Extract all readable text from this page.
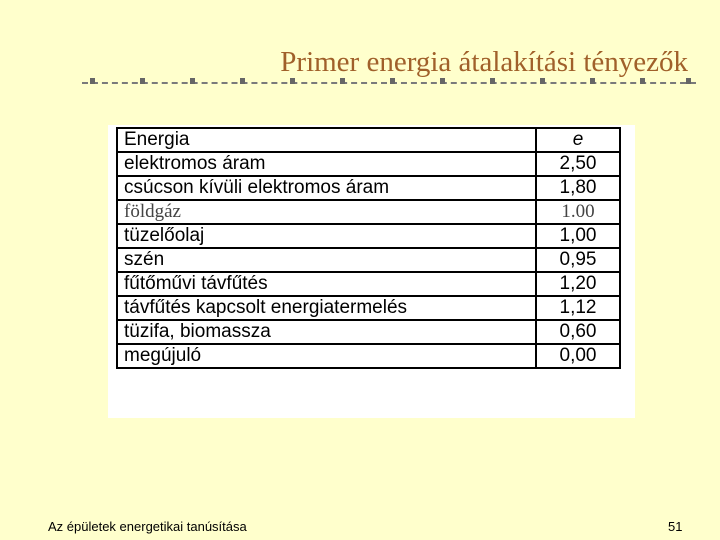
Primer energia átalakítási tényezők
Energia	e
elektromos áram	2,50
csúcson kívüli elektromos áram	1,80
földgáz	1.00
tüzelőolaj	1,00
szén	0,95
fűtőművi távfűtés	1,20
távfűtés kapcsolt energiatermelés	1,12
tüzifa, biomassza	0,60
megújuló	0,00
Az épületek energetikai tanúsítása	51
